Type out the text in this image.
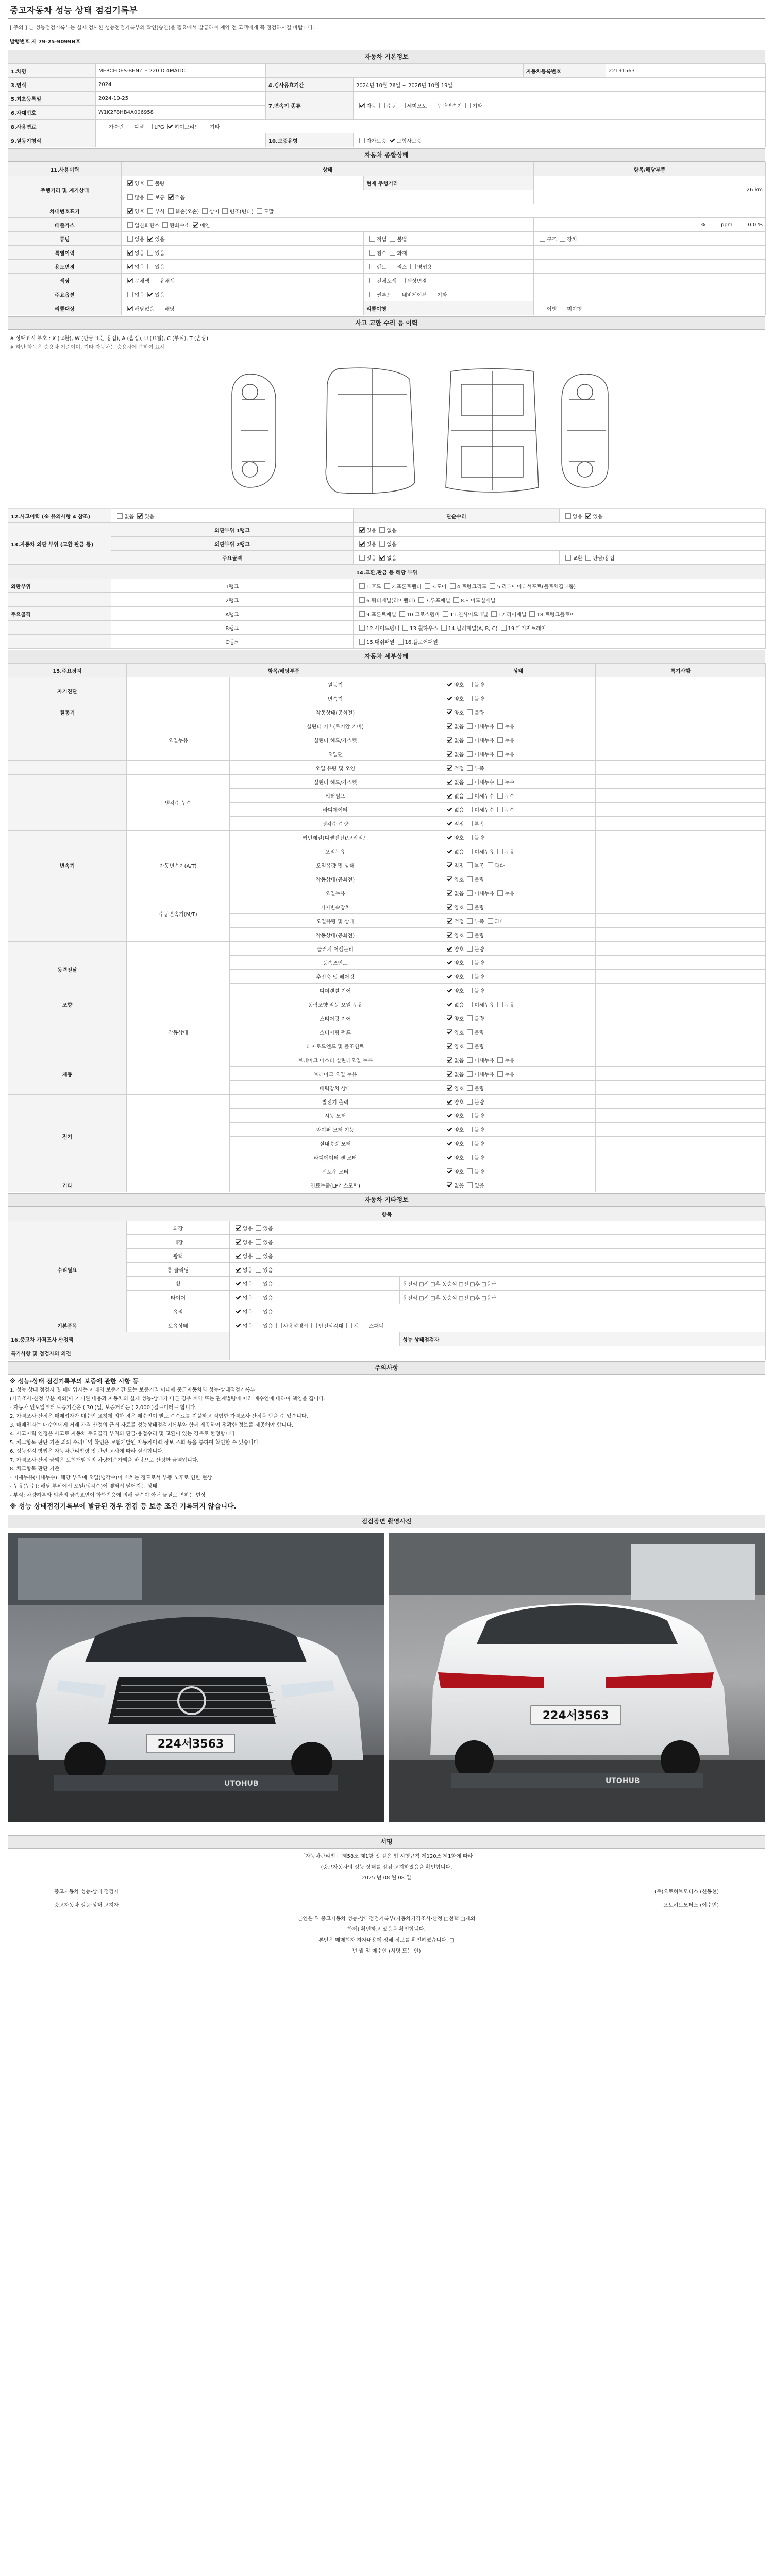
중고자동차 성능 상태 점검기록부
[ 주의 ] 본 성능점검기록부는 실제 검사한 성능점검기록부의 확인(승인)을 필요에서 발급하며 계약 전 고객에게 꼭 점검하시길 바랍니다.
발행번호 제 79-25-9099N호
자동차 기본정보
1.차명	MERCEDES-BENZ E 220 D 4MATIC			자동차등록번호	22131563
3.연식	2024	4.검사유효기간	2024년 10월 26일 ~ 2026년 10월 19일		
5.최초등록일	2024-10-25	7.변속기 종류	자동 수동 세미오토 무단변속기 기타		
6.차대번호	W1K2F8HB4A006958				
8.사용연료	가솔린 디젤 LPG 하이브리드 기타				
9.원동기형식		10.보증유형	자가보증 보험사보증		
자동차 종합상태
11.사용이력	상태		항목/해당부품
주행거리 및 계기상태	양호 불량	현재 주행거리	26 km
	많음 보통 적음		
차대번호표기	양호 부식 훼손(오손) 상이 변조(변타) 도말		
배출가스	일산화탄소 탄화수소 매연		% ppm 0.0 %
튜닝	없음 있음	적법 불법	구조 장치
특별이력	없음 있음	침수 화재	
용도변경	없음 있음	렌트 리스 영업용	
색상	무채색 유채색	전체도색 색상변경	
주요옵션	없음 있음	썬루프 네비게이션 기타	
리콜대상	해당없음 해당	리콜이행	이행 미이행
사고 교환 수리 등 이력
※ 상태표시 부호 : X (교환), W (판금 또는 용접), A (흠집), U (요철), C (부식), T (손상)
※ 하단 항목은 승용차 기준이며, 기타 자동차는 승용차에 준하여 표시
12.사고이력 (※ 유의사항 4 참조)	없음 있음	단순수리	없음 있음
13.자동차 외판 부위 (교환 판금 등)	외판부위 1랭크	있음 없음	
	외판부위 2랭크	있음 없음	
	주요골격	있음 없음	교환 판금/용접
14.교환,판금 등 해당 부위		
외판부위	1랭크	1.후드 2.프론트펜더 3.도어 4.트렁크리드 5.라디에이터서포트(볼트체결부품)
	2랭크	6.쿼터패널(리어펜더) 7.루프패널 8.사이드실패널
주요골격	A랭크	9.프론트패널 10.크로스멤버 11.인사이드패널 17.리어패널 18.트렁크플로어
	B랭크	12.사이드멤버 13.휠하우스 14.필러패널(A, B, C) 19.패키지트레이
	C랭크	15.대쉬패널 16.플로어패널
자동차 세부상태
15.주요장치	항목/해당부품		상태	특기사항
자기진단		원동기	양호 불량	
		변속기	양호 불량	
원동기		작동상태(공회전)	양호 불량	
	오일누유	실린더 커버(로커암 커버)	없음 미세누유 누유	
		실린더 헤드/가스켓	없음 미세누유 누유	
		오일팬	없음 미세누유 누유	
		오일 유량 및 오염	적정 부족	
	냉각수 누수	실린더 헤드/가스켓	없음 미세누수 누수	
		워터펌프	없음 미세누수 누수	
		라디에이터	없음 미세누수 누수	
		냉각수 수량	적정 부족	
		커먼레일(디젤엔진)/고압펌프	양호 불량	
변속기	자동변속기(A/T)	오일누유	없음 미세누유 누유	
		오일유량 및 상태	적정 부족 과다	
		작동상태(공회전)	양호 불량	
	수동변속기(M/T)	오일누유	없음 미세누유 누유	
		기어변속장치	양호 불량	
		오일유량 및 상태	적정 부족 과다	
		작동상태(공회전)	양호 불량	
동력전달		클러치 어셈블리	양호 불량	
		등속조인트	양호 불량	
		추진축 및 베어링	양호 불량	
		디퍼렌셜 기어	양호 불량	
조향		동력조향 작동 오일 누유	없음 미세누유 누유	
	작동상태	스티어링 기어	양호 불량	
		스티어링 펌프	양호 불량	
		타이로드엔드 및 볼조인트	양호 불량	
제동		브레이크 마스터 실린더오일 누유	없음 미세누유 누유	
		브레이크 오일 누유	없음 미세누유 누유	
		배력장치 상태	양호 불량	
전기		발전기 출력	양호 불량	
		시동 모터	양호 불량	
		와이퍼 모터 기능	양호 불량	
		실내송풍 모터	양호 불량	
		라디에이터 팬 모터	양호 불량	
		윈도우 모터	양호 불량	
기타		연료누출(LP가스포함)	없음 있음	
자동차 기타정보
항목			
수리필요	외장	없음 있음	
	내장	없음 있음	
	광택	없음 있음	
	룸 클리닝	없음 있음	
	휠	없음 있음	운전석 □전 □후 동승석 □전 □후 □응급
	타이어	없음 있음	운전석 □전 □후 동승석 □전 □후 □응급
	유리	없음 있음	
기본품목	보유상태	없음 있음 사용설명서 안전삼각대 잭 스패너	
16.중고차 가격조사 산정액			성능 상태점검자
특기사항 및 점검자의 의견			
주의사항
※ 성능·상태 점검기록부의 보증에 관한 사항 등

1. 성능·상태 점검자 및 매매업자는 아래의 보증기간 또는 보증거리 이내에 중고자동차의 성능·상태점검기록부

(가격조사·산정 부분 제외)에 기재된 내용과 자동차의 실제 성능·상태가 다른 경우 계약 또는 관계법령에 따라 매수인에 대하여 책임을 집니다.

- 자동차 인도일부터 보증기간은 ( 30 )일, 보증거리는 ( 2,000 )킬로미터로 합니다.

2. 가격조사·산정은 매매업자가 매수인 요청에 의한 경우 매수인이 별도 수수료를 지불하고 적합한 가격조사·산정을 받을 수 있습니다.

3. 매매업자는 매수인에게 거래 가격 산정의 근거 자료를 성능상태점검기록부와 함께 제공하여 정확한 정보를 제공해야 합니다.

4. 사고이력 인정은 사고로 자동차 주요골격 부위의 판금·용접수리 및 교환이 있는 경우로 한정합니다.

5. 체크항목 판단 기준 외의 수리내역 확인은 보험개발원 자동차이력 정보 조회 등을 통하여 확인할 수 있습니다.

6. 성능점검 방법은 자동차관리법령 및 관련 고시에 따라 실시합니다.

7. 가격조사·산정 금액은 보험개발원의 차량기준가액을 바탕으로 산정한 금액입니다.

8. 체크항목 판단 기준

- 미세누유(미세누수): 해당 부위에 오일(냉각수)이 비치는 정도로서 부품 노후로 인한 현상

- 누유(누수): 해당 부위에서 오일(냉각수)이 맺혀서 떨어지는 상태

- 부식: 차량하부와 외판의 금속표면이 화학반응에 의해 금속이 아닌 물질로 변하는 현상

※ 성능 상태점검기록부에 발급된 경우 점검 등 보증 조건 기록되지 않습니다.
점검장면 촬영사진
224서3563
UTOHUB
224서3563
UTOHUB
서명
「자동차관리법」 제58조 제1항 및 같은 법 시행규칙 제120조 제1항에 따라
(중고자동차의 성능·상태를 점검·고지하였음을 확인합니다.
2025 년 08 월 08 일
중고자동차 성능·상태 점검자	(주)오토허브모터스 (신동현)
중고자동차 성능·상태 고지자	오토허브모터스 (이수민)
본인은 위 중고자동차 성능·상태점검기록부(자동차가격조사·산정 □선택 □제외
함께) 확인하고 있음을 확인합니다.
본인은 매매회자 하자내용에 정해 정보를 확인하였습니다. □
년 월 일 매수인 (서명 또는 인)
